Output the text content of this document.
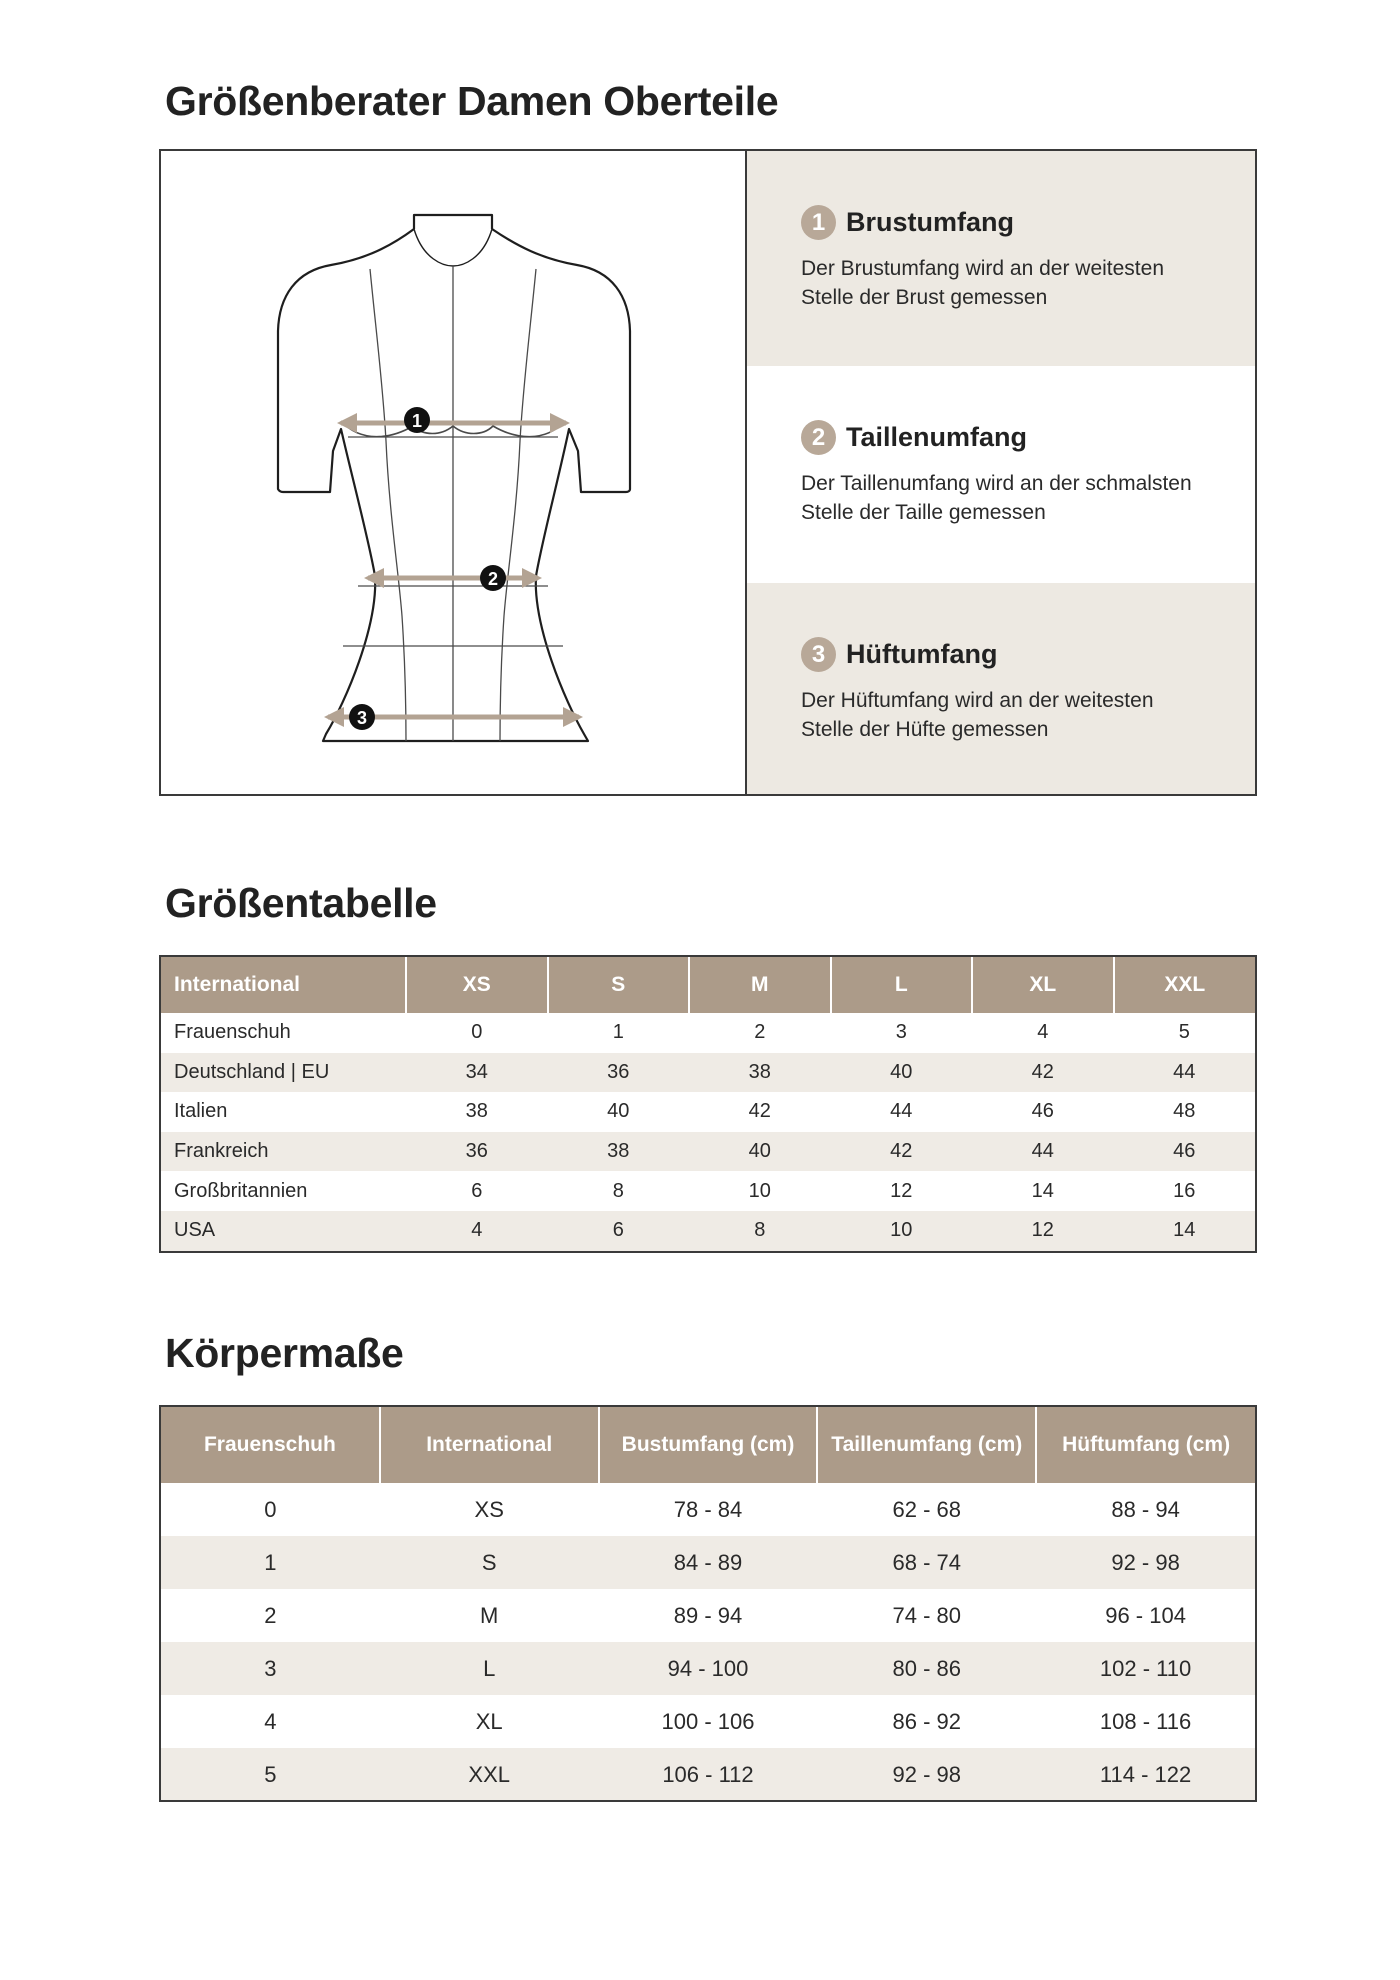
Größenberater Damen Oberteile
1
2
3
1 Brustumfang
Der Brustumfang wird an der weitesten Stelle der Brust gemessen
2 Taillenumfang
Der Taillenumfang wird an der schmalsten Stelle der Taille gemessen
3 Hüftumfang
Der Hüftumfang wird an der weitesten Stelle der Hüfte gemessen
Größentabelle
International	XS	S	M	L	XL	XXL
Frauenschuh	0	1	2	3	4	5
Deutschland | EU	34	36	38	40	42	44
Italien	38	40	42	44	46	48
Frankreich	36	38	40	42	44	46
Großbritannien	6	8	10	12	14	16
USA	4	6	8	10	12	14
Körpermaße
Frauenschuh	International	Bustumfang (cm)	Taillenumfang (cm)	Hüftumfang (cm)
0	XS	78 - 84	62 - 68	88 - 94
1	S	84 - 89	68 - 74	92 - 98
2	M	89 - 94	74 - 80	96 - 104
3	L	94 - 100	80 - 86	102 - 110
4	XL	100 - 106	86 - 92	108 - 116
5	XXL	106 - 112	92 - 98	114 - 122
